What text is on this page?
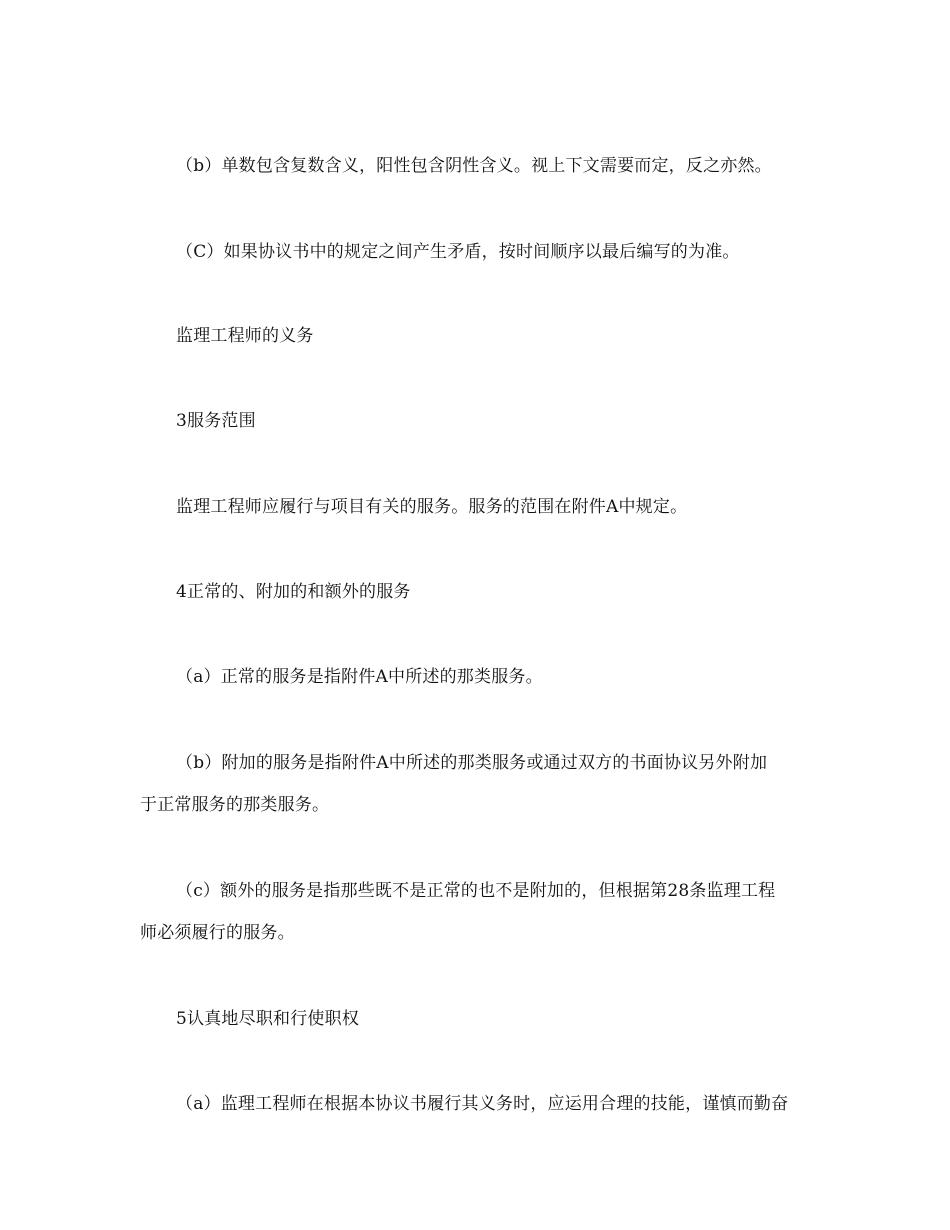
（b）单数包含复数含义，阳性包含阴性含义。视上下文需要而定，反之亦然。
（C）如果协议书中的规定之间产生矛盾，按时间顺序以最后编写的为准。
监理工程师的义务
3服务范围
监理工程师应履行与项目有关的服务。服务的范围在附件A中规定。
4正常的、附加的和额外的服务
（a）正常的服务是指附件A中所述的那类服务。
（b）附加的服务是指附件A中所述的那类服务或通过双方的书面协议另外附加
于正常服务的那类服务。
（c）额外的服务是指那些既不是正常的也不是附加的，但根据第28条监理工程
师必须履行的服务。
5认真地尽职和行使职权
（a）监理工程师在根据本协议书履行其义务时，应运用合理的技能，谨慎而勤奋
